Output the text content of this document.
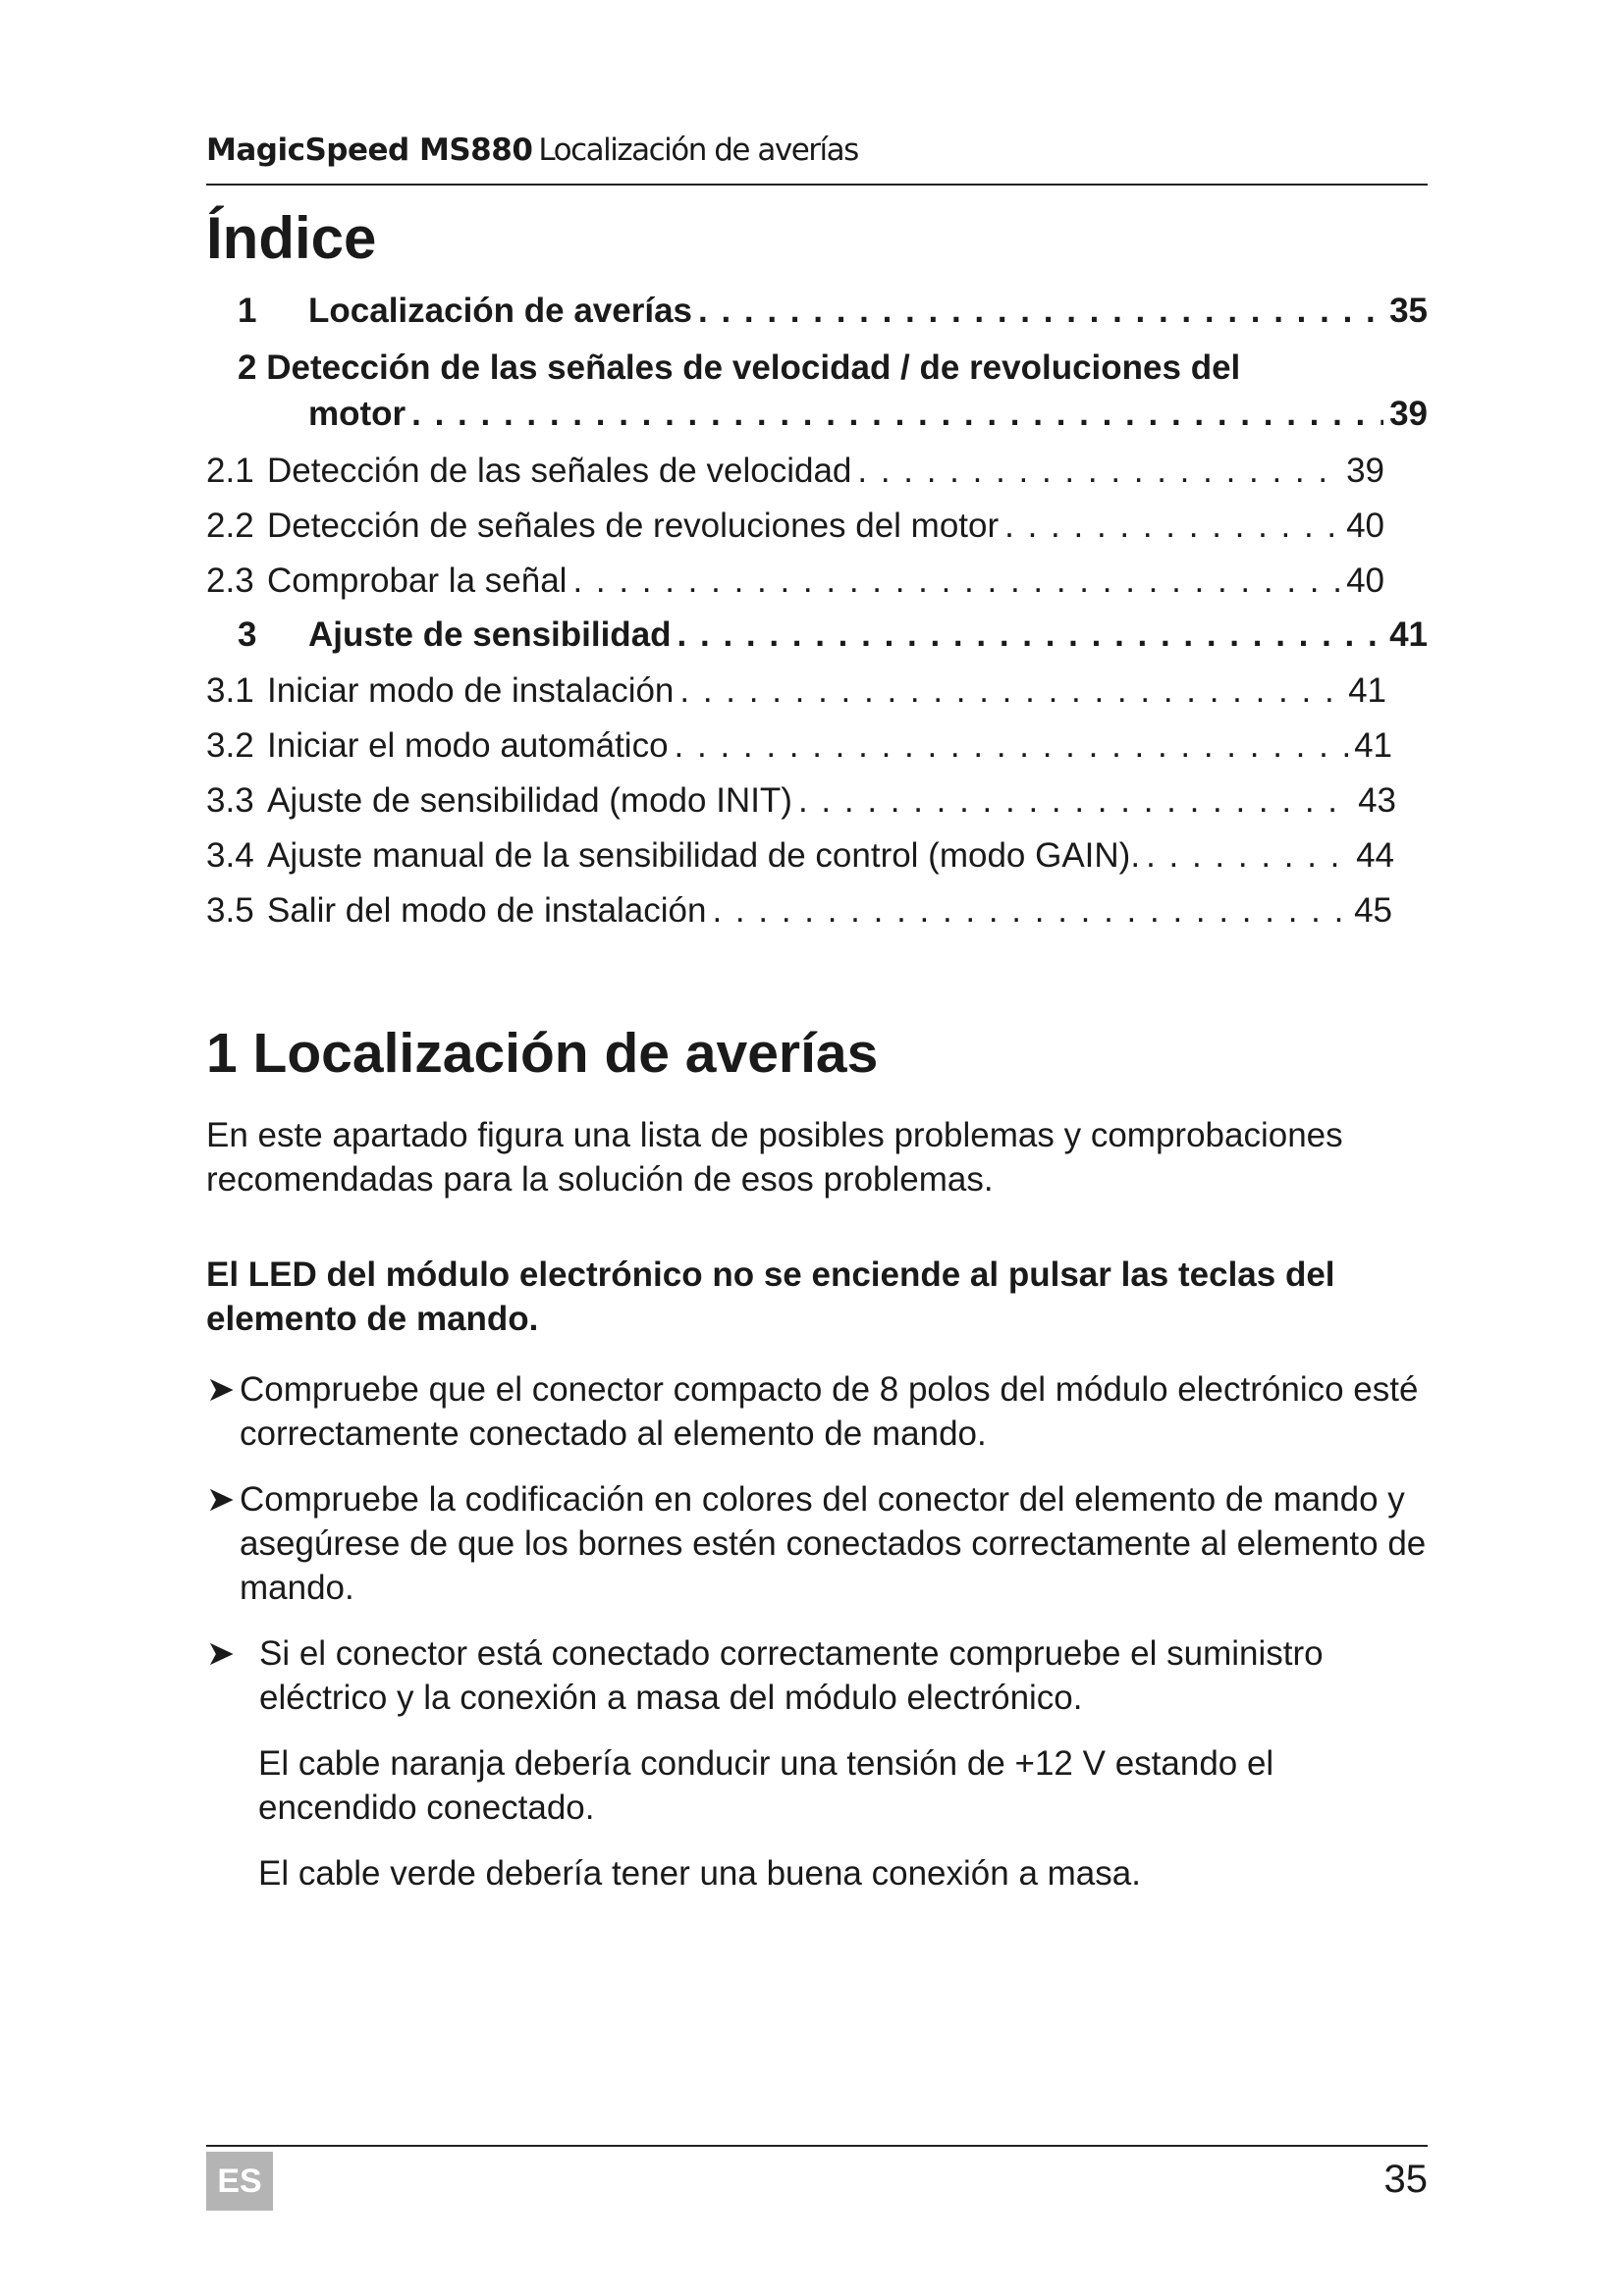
MagicSpeed MS880 Localización de averías
Índice
1	Localización de averías . . .	35
2 Detección de las señales de velocidad / de revoluciones del
motor . . .	39
2.1 Detección de las señales de velocidad . . .	39
2.2 Detección de señales de revoluciones del motor . . .	40
2.3 Comprobar la señal . . .	40
3	Ajuste de sensibilidad . . .	41
3.1 Iniciar modo de instalación . . .	41
3.2 Iniciar el modo automático . . .	41
3.3 Ajuste de sensibilidad (modo INIT) . . .	43
3.4 Ajuste manual de la sensibilidad de control (modo GAIN). . . .	44
3.5 Salir del modo de instalación . . .	45
1 Localización de averías

En este apartado figura una lista de posibles problemas y comprobaciones recomendadas para la solución de esos problemas.

El LED del módulo electrónico no se enciende al pulsar las teclas del elemento de mando.

➤ Compruebe que el conector compacto de 8 polos del módulo electrónico esté correctamente conectado al elemento de mando.
➤ Compruebe la codificación en colores del conector del elemento de mando y asegúrese de que los bornes estén conectados correctamente al elemento de mando.
➤ Si el conector está conectado correctamente compruebe el suministro eléctrico y la conexión a masa del módulo electrónico.

El cable naranja debería conducir una tensión de +12 V estando el encendido conectado.

El cable verde debería tener una buena conexión a masa.

ES	35
